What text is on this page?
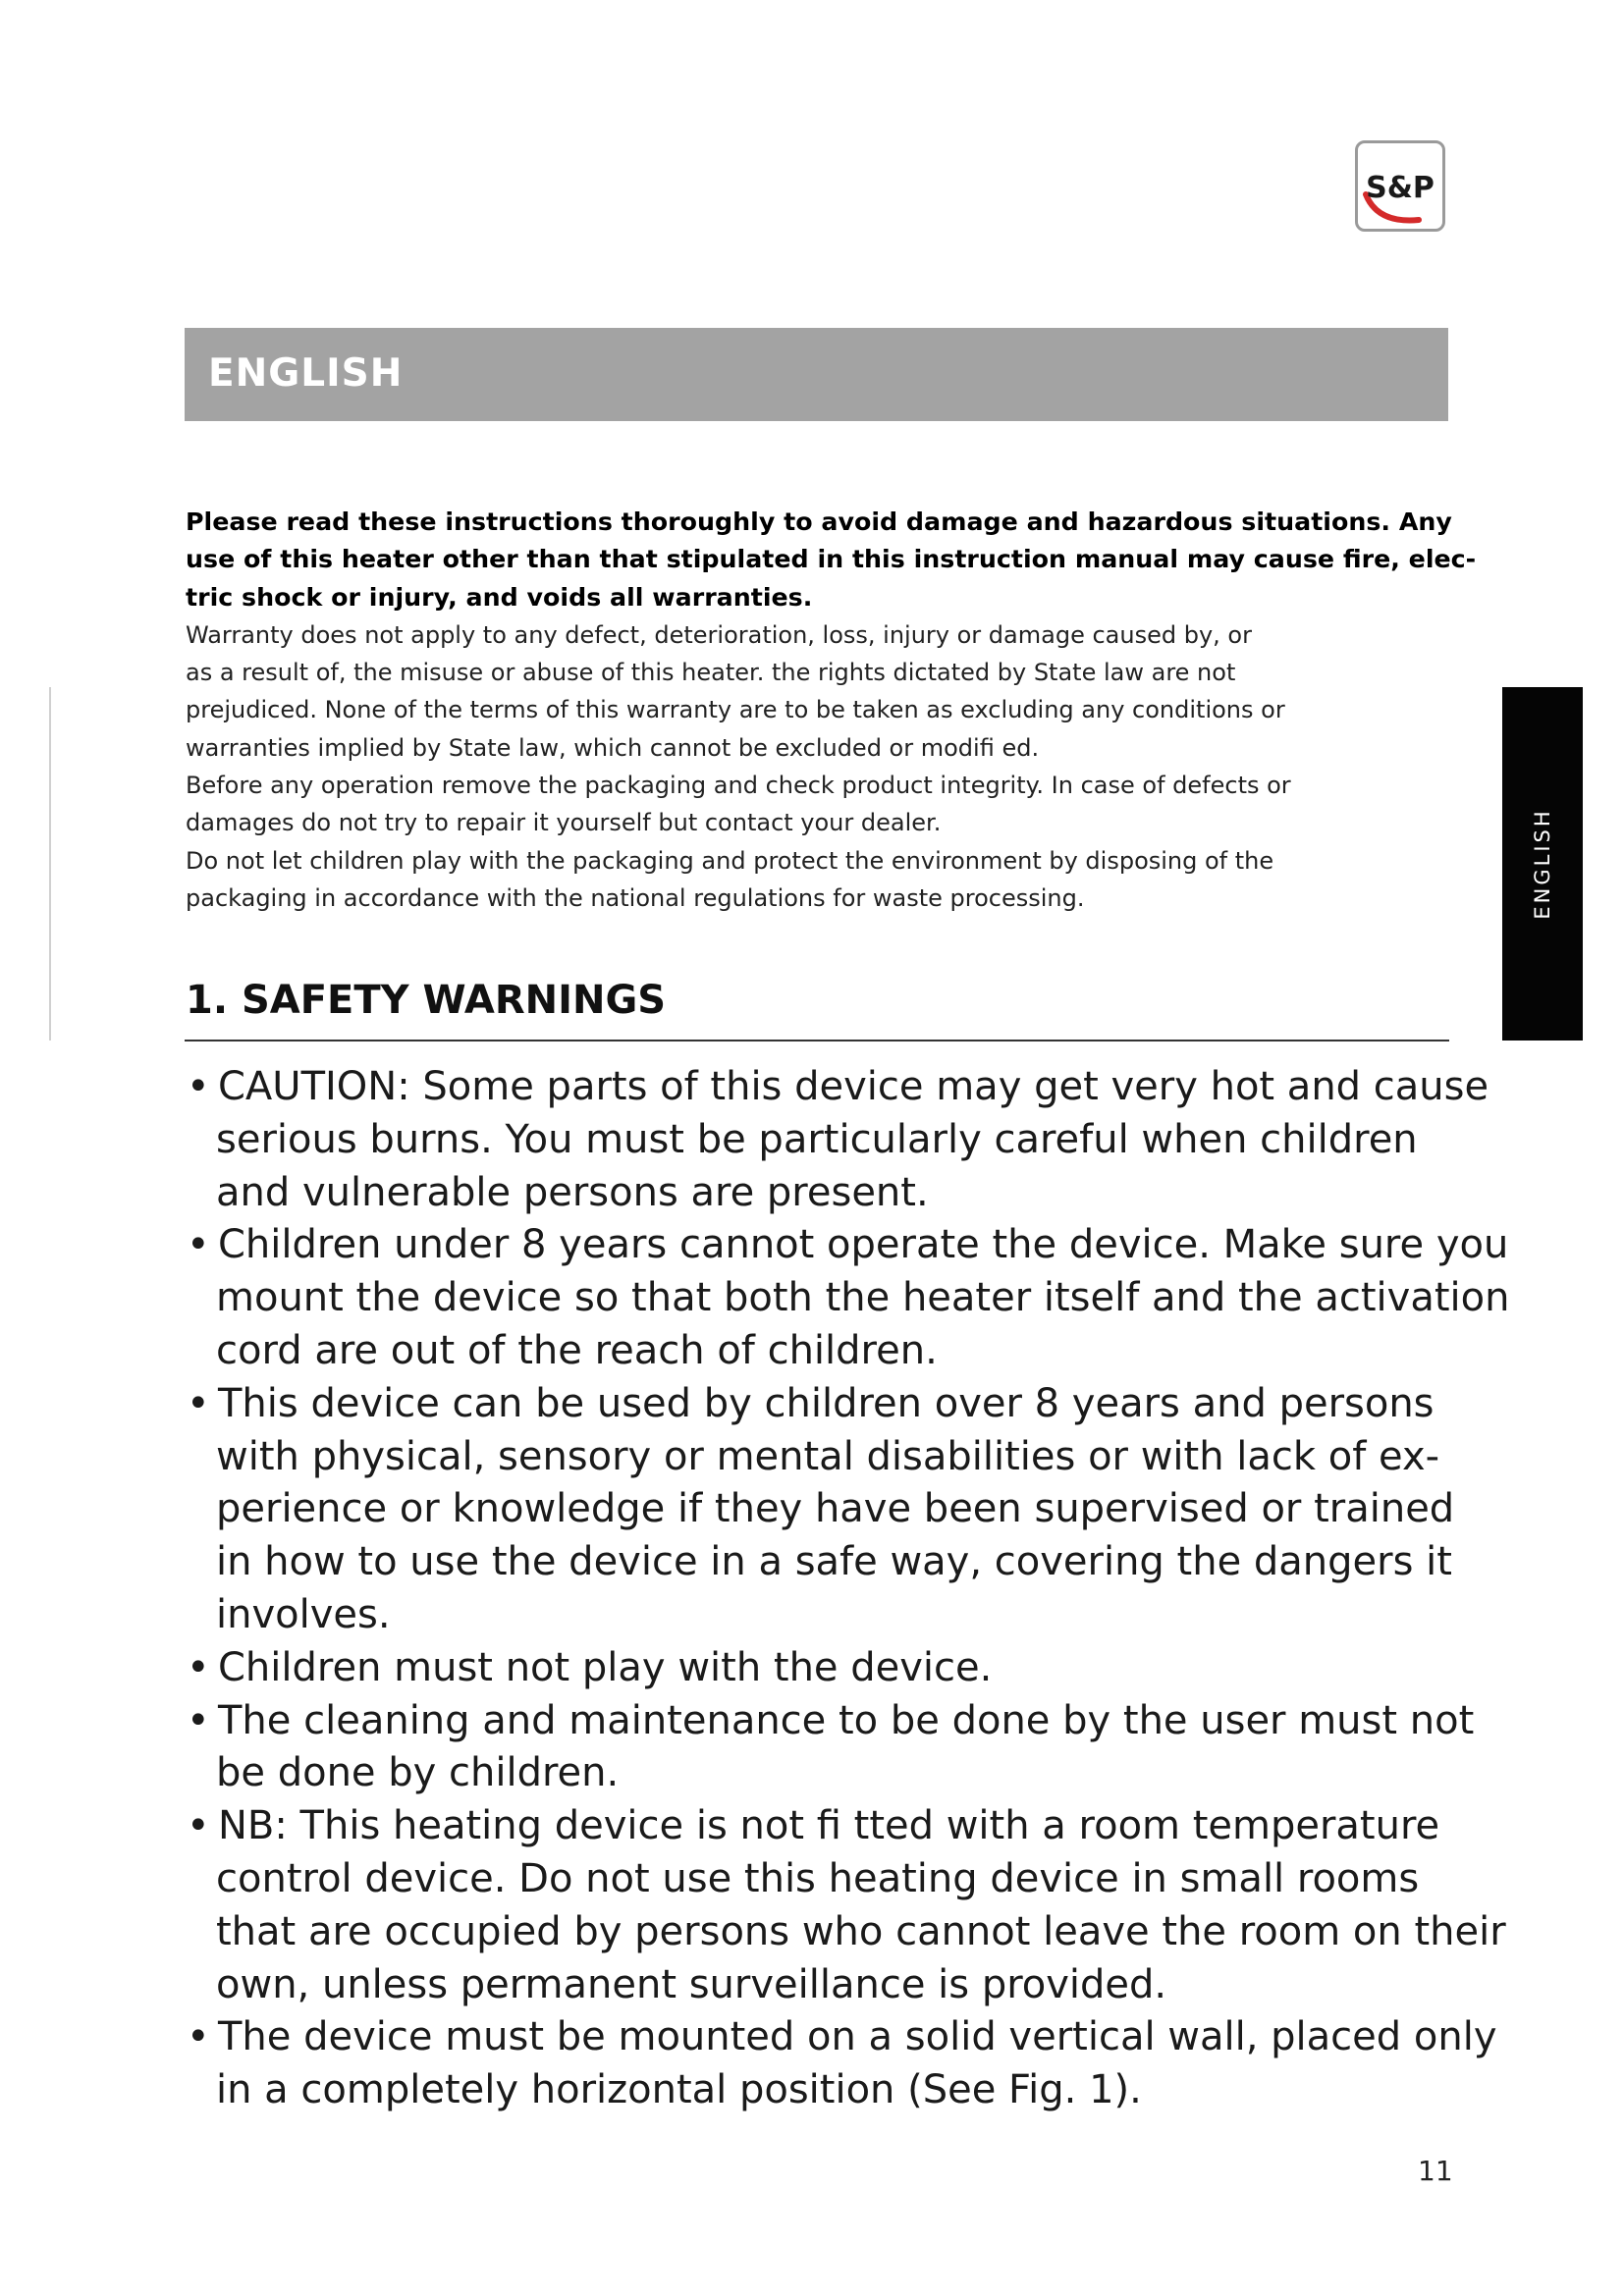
S&P
ENGLISH
ENGLISH
Please read these instructions thoroughly to avoid damage and hazardous situations. Any
use of this heater other than that stipulated in this instruction manual may cause fire, elec-
tric shock or injury, and voids all warranties.
Warranty does not apply to any defect, deterioration, loss, injury or damage caused by, or
as a result of, the misuse or abuse of this heater. the rights dictated by State law are not
prejudiced. None of the terms of this warranty are to be taken as excluding any conditions or
warranties implied by State law, which cannot be excluded or modifi ed.
Before any operation remove the packaging and check product integrity. In case of defects or
damages do not try to repair it yourself but contact your dealer.
Do not let children play with the packaging and protect the environment by disposing of the
packaging in accordance with the national regulations for waste processing.
1. SAFETY WARNINGS
• CAUTION: Some parts of this device may get very hot and cause
serious burns. You must be particularly careful when children
and vulnerable persons are present.
• Children under 8 years cannot operate the device. Make sure you
mount the device so that both the heater itself and the activation
cord are out of the reach of children.
• This device can be used by children over 8 years and persons
with physical, sensory or mental disabilities or with lack of ex-
perience or knowledge if they have been supervised or trained
in how to use the device in a safe way, covering the dangers it
involves.
• Children must not play with the device.
• The cleaning and maintenance to be done by the user must not
be done by children.
• NB: This heating device is not fi tted with a room temperature
control device. Do not use this heating device in small rooms
that are occupied by persons who cannot leave the room on their
own, unless permanent surveillance is provided.
• The device must be mounted on a solid vertical wall, placed only
in a completely horizontal position (See Fig. 1).
11
